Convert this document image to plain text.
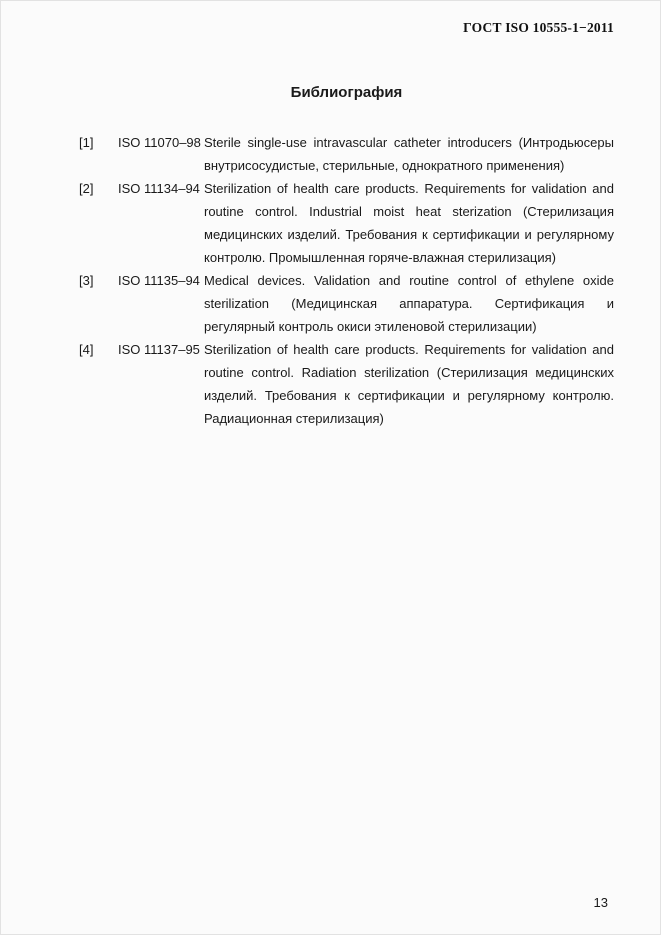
ГОСТ ISO 10555-1−2011
Библиография
[1]	ISO 11070–98 Sterile single-use intravascular catheter introducers (Интродьюсеры внутрисосудистые, стерильные, однократного применения)
[2]	ISO 11134–94 Sterilization of health care products. Requirements for validation and routine control. Industrial moist heat sterization (Стерилизация медицинских изделий. Требования к сертификации и регулярному контролю. Промышленная горяче-влажная стерилизация)
[3]	ISO 11135–94 Medical devices. Validation and routine control of ethylene oxide sterilization (Медицинская аппаратура. Сертификация и регулярный контроль окиси этиленовой стерилизации)
[4]	ISO 11137–95 Sterilization of health care products. Requirements for validation and routine control. Radiation sterilization (Стерилизация медицинских изделий. Требования к сертификации и регулярному контролю. Радиационная стерилизация)
13
